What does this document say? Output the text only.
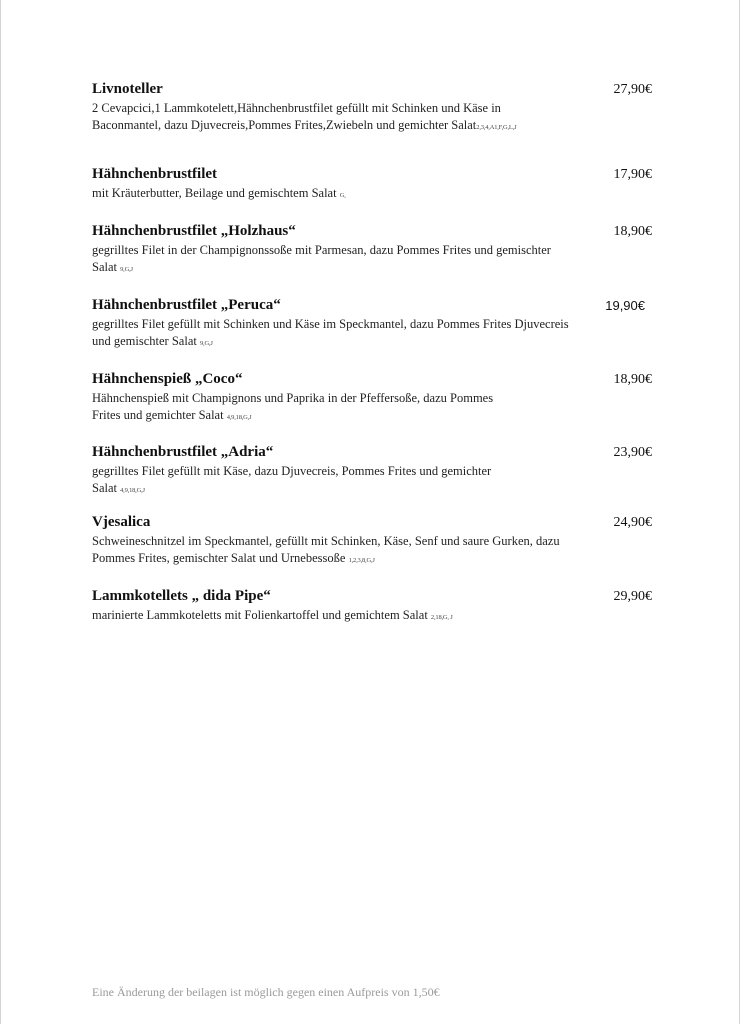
Livnoteller	27,90€
2 Cevapcici,1 Lammkotelett,Hähnchenbrustfilet gefüllt mit Schinken und Käse in Baconmantel, dazu Djuvecreis,Pommes Frites,Zwiebeln und gemichter Salat2,3,4,A1,F,G,L,J
Hähnchenbrustfilet	17,90€
mit Kräuterbutter, Beilage und gemischtem Salat G,
Hähnchenbrustfilet „Holzhaus“	18,90€
gegrilltes Filet in der Champignonssoße mit Parmesan, dazu Pommes Frites und gemischter Salat 9,G,J
Hähnchenbrustfilet „Peruca“	19,90€
gegrilltes Filet gefüllt mit Schinken und Käse im Speckmantel, dazu Pommes Frites Djuvecreis und gemischter Salat 9,G,J
Hähnchenspieß „Coco“	18,90€
Hähnchenspieß mit Champignons und Paprika in der Pfeffersoße, dazu Pommes Frites und gemichter Salat 4,9,18,G,J
Hähnchenbrustfilet „Adria“	23,90€
gegrilltes Filet gefüllt mit Käse, dazu Djuvecreis, Pommes Frites und gemichter Salat 4,9,18,G,J
Vjesalica	24,90€
Schweineschnitzel im Speckmantel, gefüllt mit Schinken, Käse, Senf und saure Gurken, dazu Pommes Frites, gemischter Salat und Urnebessoße 1,2,3,8,G,J
Lammkotellets „ dida Pipe“	29,90€
marinierte Lammkoteletts mit Folienkartoffel und gemichtem Salat 2,18,G, J
Eine Änderung der beilagen ist möglich gegen einen Aufpreis von 1,50€
